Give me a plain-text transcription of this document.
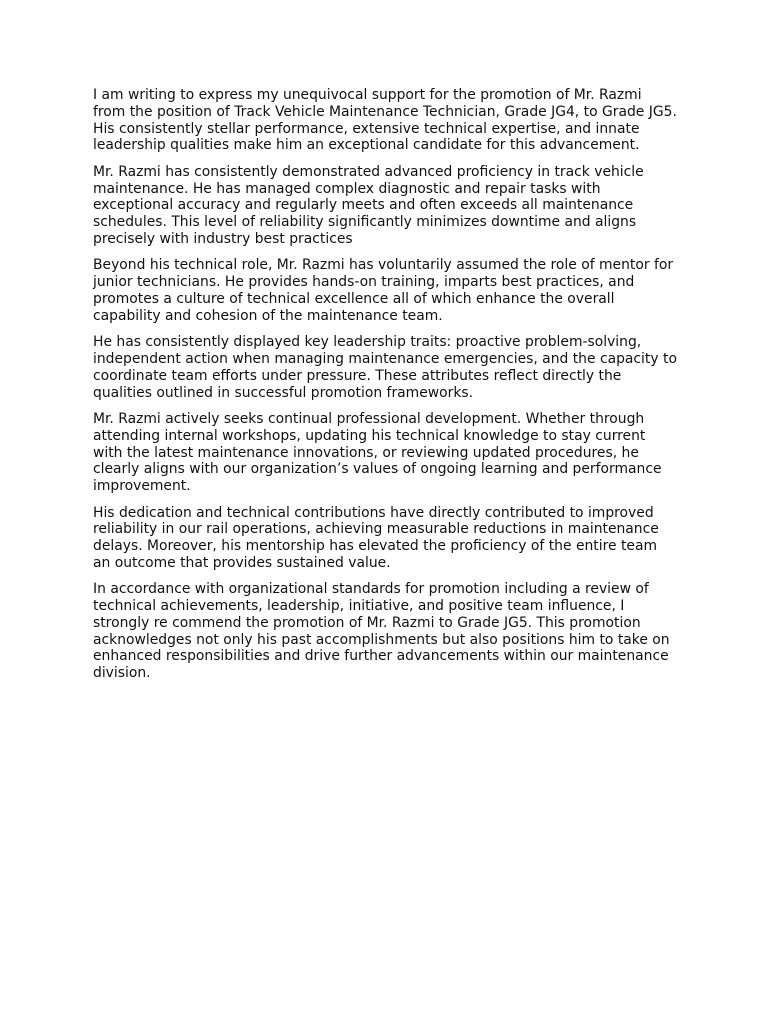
I am writing to express my unequivocal support for the promotion of Mr. Razmi from the position of Track Vehicle Maintenance Technician, Grade JG4, to Grade JG5. His consistently stellar performance, extensive technical expertise, and innate leadership qualities make him an exceptional candidate for this advancement.

Mr. Razmi has consistently demonstrated advanced proficiency in track vehicle maintenance. He has managed complex diagnostic and repair tasks with exceptional accuracy and regularly meets and often exceeds all maintenance schedules. This level of reliability significantly minimizes downtime and aligns precisely with industry best practices

Beyond his technical role, Mr. Razmi has voluntarily assumed the role of mentor for junior technicians. He provides hands-on training, imparts best practices, and promotes a culture of technical excellence all of which enhance the overall capability and cohesion of the maintenance team.

He has consistently displayed key leadership traits: proactive problem-solving, independent action when managing maintenance emergencies, and the capacity to coordinate team efforts under pressure. These attributes reflect directly the qualities outlined in successful promotion frameworks.

Mr. Razmi actively seeks continual professional development. Whether through attending internal workshops, updating his technical knowledge to stay current with the latest maintenance innovations, or reviewing updated procedures, he clearly aligns with our organization’s values of ongoing learning and performance improvement.

His dedication and technical contributions have directly contributed to improved reliability in our rail operations, achieving measurable reductions in maintenance delays. Moreover, his mentorship has elevated the proficiency of the entire team an outcome that provides sustained value.

In accordance with organizational standards for promotion including a review of technical achievements, leadership, initiative, and positive team influence, I strongly re commend the promotion of Mr. Razmi to Grade JG5. This promotion acknowledges not only his past accomplishments but also positions him to take on enhanced responsibilities and drive further advancements within our maintenance division.
